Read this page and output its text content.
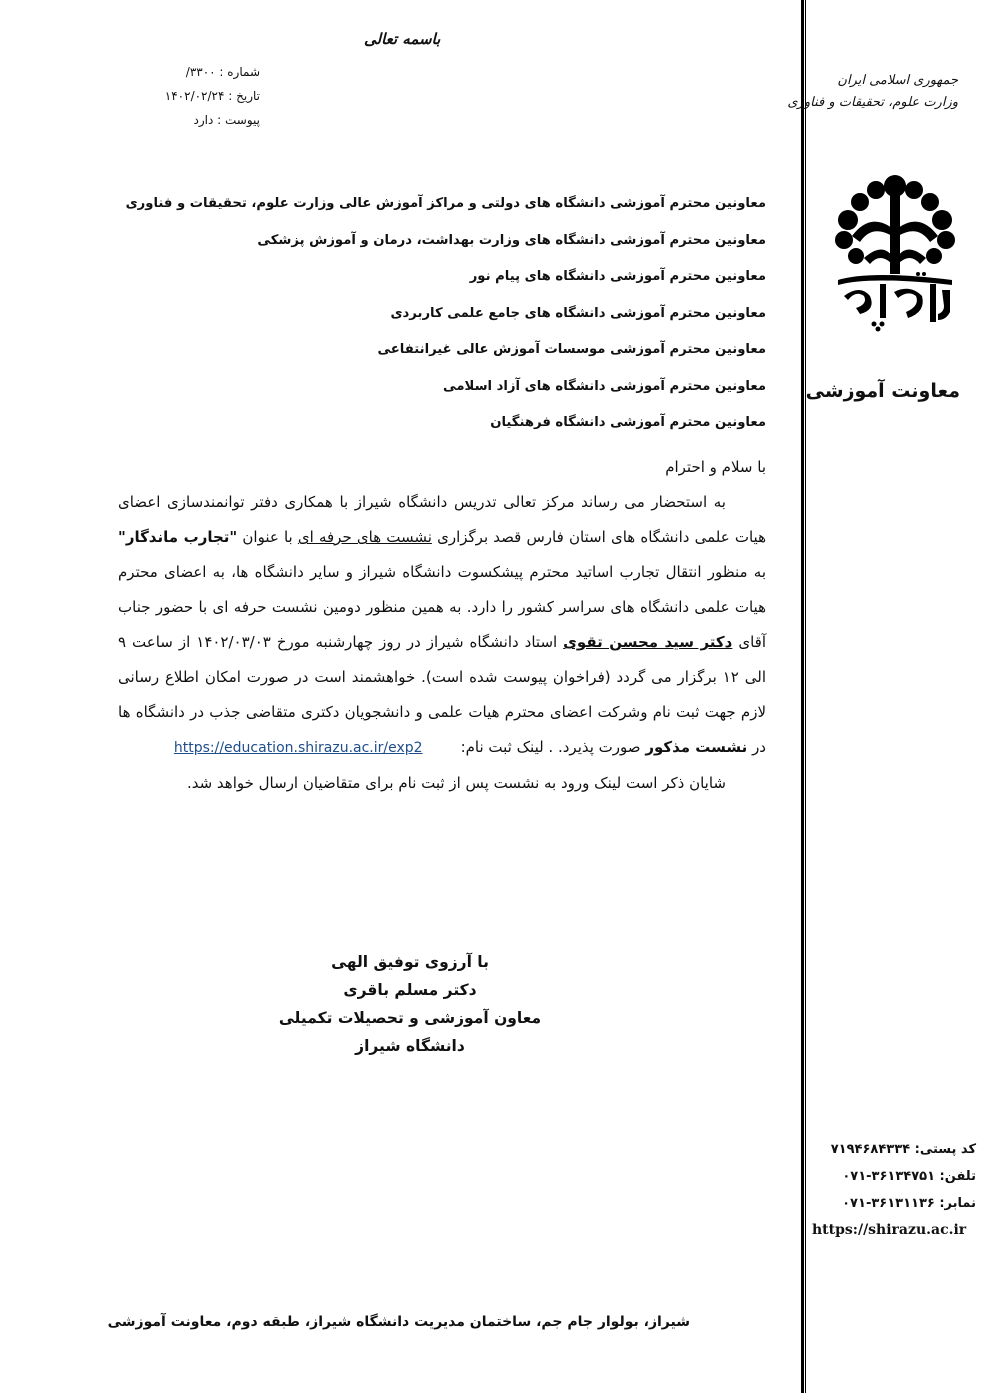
جمهوری اسلامی ایران
وزارت علوم، تحقیقات و فناوری
دانشگاه شیراز
معاونت آموزشی
کد پستی: ۷۱۹۴۶۸۴۳۳۴
تلفن: ۳۶۱۳۴۷۵۱-۰۷۱
نمابر: ۳۶۱۳۱۱۳۶-۰۷۱
https://shirazu.ac.ir
باسمه تعالی
شماره : ۳۳۰۰/
تاریخ : ۱۴۰۲/۰۲/۲۴
پیوست : دارد
معاونین محترم آموزشی دانشگاه های دولتی و مراکز آموزش عالی وزارت علوم، تحقیقات و فناوری
معاونین محترم آموزشی دانشگاه های وزارت بهداشت، درمان و آموزش پزشکی
معاونین محترم آموزشی دانشگاه های پیام نور
معاونین محترم آموزشی دانشگاه های جامع علمی کاربردی
معاونین محترم آموزشی موسسات آموزش عالی غیرانتفاعی
معاونین محترم آموزشی دانشگاه های آزاد اسلامی
معاونین محترم آموزشی دانشگاه فرهنگیان

با سلام و احترام

به استحضار می رساند مرکز تعالی تدریس دانشگاه شیراز با همکاری دفتر توانمندسازی اعضای هیات علمی دانشگاه های استان فارس قصد برگزاری نشست های حرفه ای با عنوان "تجارب ماندگار" به منظور انتقال تجارب اساتید محترم پیشکسوت دانشگاه شیراز و سایر دانشگاه ها، به اعضای محترم هیات علمی دانشگاه های سراسر کشور را دارد. به همین منظور دومین نشست حرفه ای با حضور جناب آقای دکتر سید محسن تقوی استاد دانشگاه شیراز در روز چهارشنبه مورخ ۱۴۰۲/۰۳/۰۳ از ساعت ۹ الی ۱۲ برگزار می گردد (فراخوان پیوست شده است). خواهشمند است در صورت امکان اطلاع رسانی لازم جهت ثبت نام وشرکت اعضای محترم هیات علمی و دانشجویان دکتری متقاضی جذب در دانشگاه ها در نشست مذکور صورت پذیرد. . لینک ثبت نام:https://education.shirazu.ac.ir/exp2

شایان ذکر است لینک ورود به نشست پس از ثبت نام برای متقاضیان ارسال خواهد شد.

با آرزوی توفیق الهی
دکتر مسلم باقری
معاون آموزشی و تحصیلات تکمیلی
دانشگاه شیراز
شیراز، بولوار جام جم، ساختمان مدیریت دانشگاه شیراز، طبقه دوم، معاونت آموزشی
